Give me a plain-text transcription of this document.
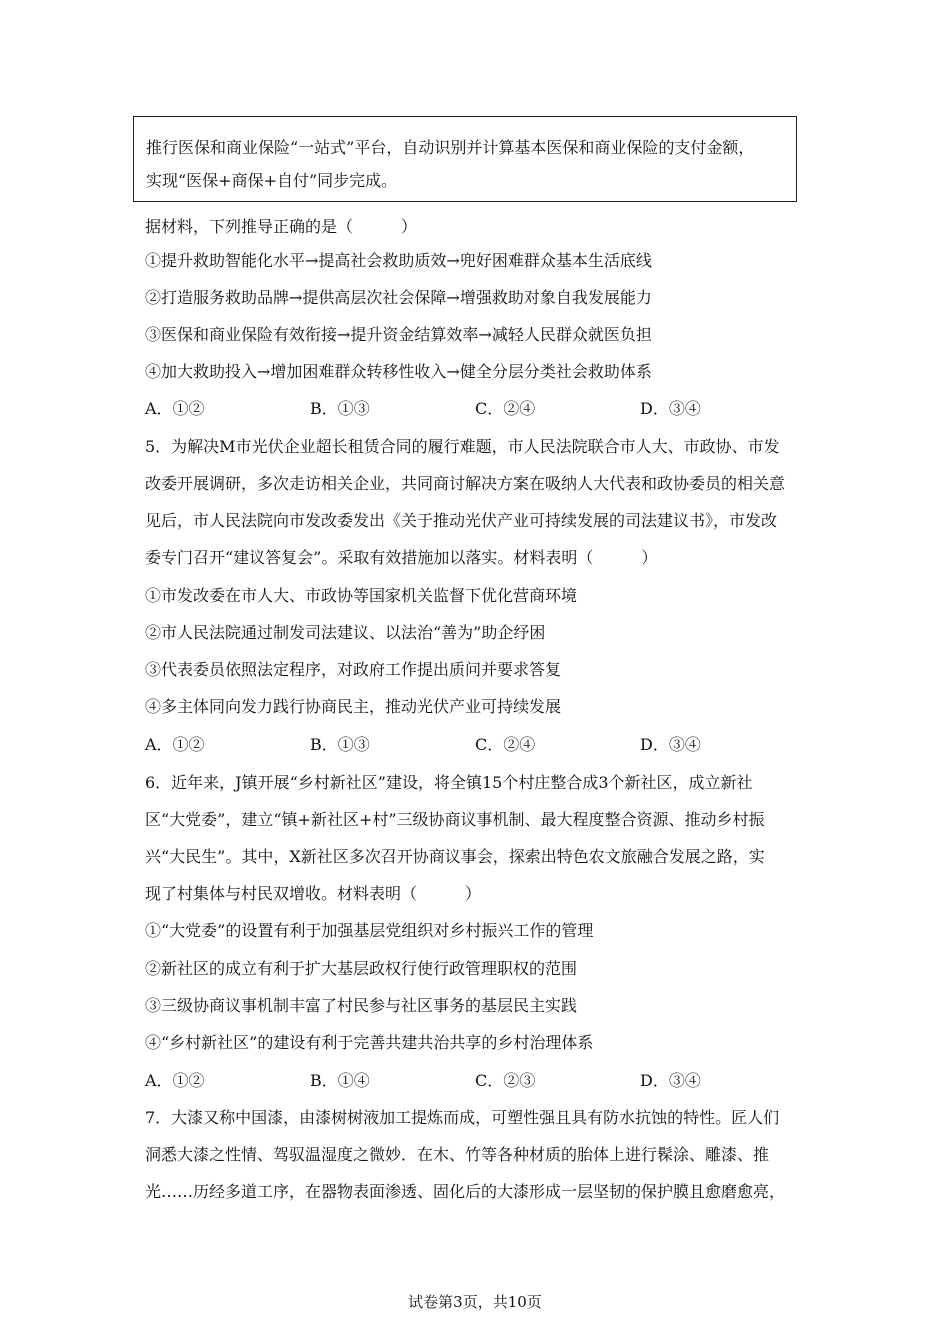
推行医保和商业保险“一站式”平台，自动识别并计算基本医保和商业保险的支付金额，
实现“医保+商保+自付”同步完成。
据材料，下列推导正确的是（　　　）
①提升救助智能化水平→提高社会救助质效→兜好困难群众基本生活底线
②打造服务救助品牌→提供高层次社会保障→增强救助对象自我发展能力
③医保和商业保险有效衔接→提升资金结算效率→减轻人民群众就医负担
④加大救助投入→增加困难群众转移性收入→健全分层分类社会救助体系
A．①②	B．①③	C．②④	D．③④
5．为解决M市光伏企业超长租赁合同的履行难题，市人民法院联合市人大、市政协、市发
改委开展调研，多次走访相关企业，共同商讨解决方案在吸纳人大代表和政协委员的相关意
见后，市人民法院向市发改委发出《关于推动光伏产业可持续发展的司法建议书》，市发改
委专门召开“建议答复会”。采取有效措施加以落实。材料表明（　　　）
①市发改委在市人大、市政协等国家机关监督下优化营商环境
②市人民法院通过制发司法建议、以法治“善为”助企纾困
③代表委员依照法定程序，对政府工作提出质问并要求答复
④多主体同向发力践行协商民主，推动光伏产业可持续发展
A．①②	B．①③	C．②④	D．③④
6．近年来，J镇开展“乡村新社区”建设，将全镇15个村庄整合成3个新社区，成立新社
区“大党委”，建立“镇+新社区+村”三级协商议事机制、最大程度整合资源、推动乡村振
兴“大民生”。其中，X新社区多次召开协商议事会，探索出特色农文旅融合发展之路，实
现了村集体与村民双增收。材料表明（　　　）
①“大党委”的设置有利于加强基层党组织对乡村振兴工作的管理
②新社区的成立有利于扩大基层政权行使行政管理职权的范围
③三级协商议事机制丰富了村民参与社区事务的基层民主实践
④“乡村新社区”的建设有利于完善共建共治共享的乡村治理体系
A．①②	B．①④	C．②③	D．③④
7．大漆又称中国漆，由漆树树液加工提炼而成，可塑性强且具有防水抗蚀的特性。匠人们
洞悉大漆之性情、驾驭温湿度之微妙．在木、竹等各种材质的胎体上进行髹涂、雕漆、推
光……历经多道工序，在器物表面渗透、固化后的大漆形成一层坚韧的保护膜且愈磨愈亮，
试卷第3页，共10页
